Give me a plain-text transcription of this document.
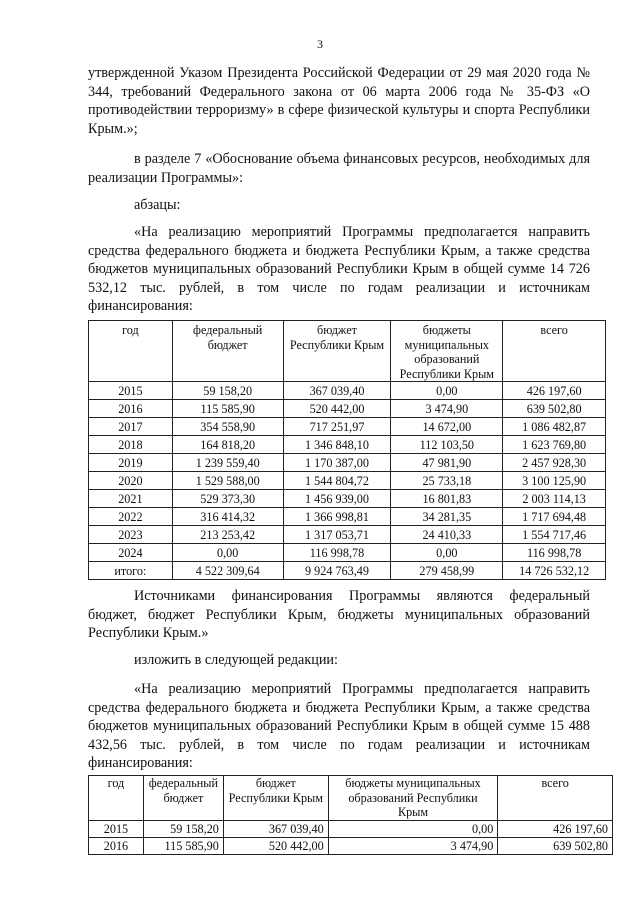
3

утвержденной Указом Президента Российской Федерации от 29 мая 2020 года № 344, требований Федерального закона от 06 марта 2006 года № 35-ФЗ «О противодействии терроризму» в сфере физической культуры и спорта Республики Крым.»;

в разделе 7 «Обоснование объема финансовых ресурсов, необходимых для реализации Программы»:

абзацы:

«На реализацию мероприятий Программы предполагается направить средства федерального бюджета и бюджета Республики Крым, а также средства бюджетов муниципальных образований Республики Крым в общей сумме 14 726 532,12 тыс. рублей, в том числе по годам реализации и источникам финансирования:

год	федеральный бюджет	бюджет Республики Крым	бюджеты муниципальных образований Республики Крым	всего
2015	59 158,20	367 039,40	0,00	426 197,60
2016	115 585,90	520 442,00	3 474,90	639 502,80
2017	354 558,90	717 251,97	14 672,00	1 086 482,87
2018	164 818,20	1 346 848,10	112 103,50	1 623 769,80
2019	1 239 559,40	1 170 387,00	47 981,90	2 457 928,30
2020	1 529 588,00	1 544 804,72	25 733,18	3 100 125,90
2021	529 373,30	1 456 939,00	16 801,83	2 003 114,13
2022	316 414,32	1 366 998,81	34 281,35	1 717 694,48
2023	213 253,42	1 317 053,71	24 410,33	1 554 717,46
2024	0,00	116 998,78	0,00	116 998,78
итого:	4 522 309,64	9 924 763,49	279 458,99	14 726 532,12

Источниками финансирования Программы являются федеральный бюджет, бюджет Республики Крым, бюджеты муниципальных образований Республики Крым.»

изложить в следующей редакции:

«На реализацию мероприятий Программы предполагается направить средства федерального бюджета и бюджета Республики Крым, а также средства бюджетов муниципальных образований Республики Крым в общей сумме 15 488 432,56 тыс. рублей, в том числе по годам реализации и источникам финансирования:

год	федеральный бюджет	бюджет Республики Крым	бюджеты муниципальных образований Республики Крым	всего
2015	59 158,20	367 039,40	0,00	426 197,60
2016	115 585,90	520 442,00	3 474,90	639 502,80
